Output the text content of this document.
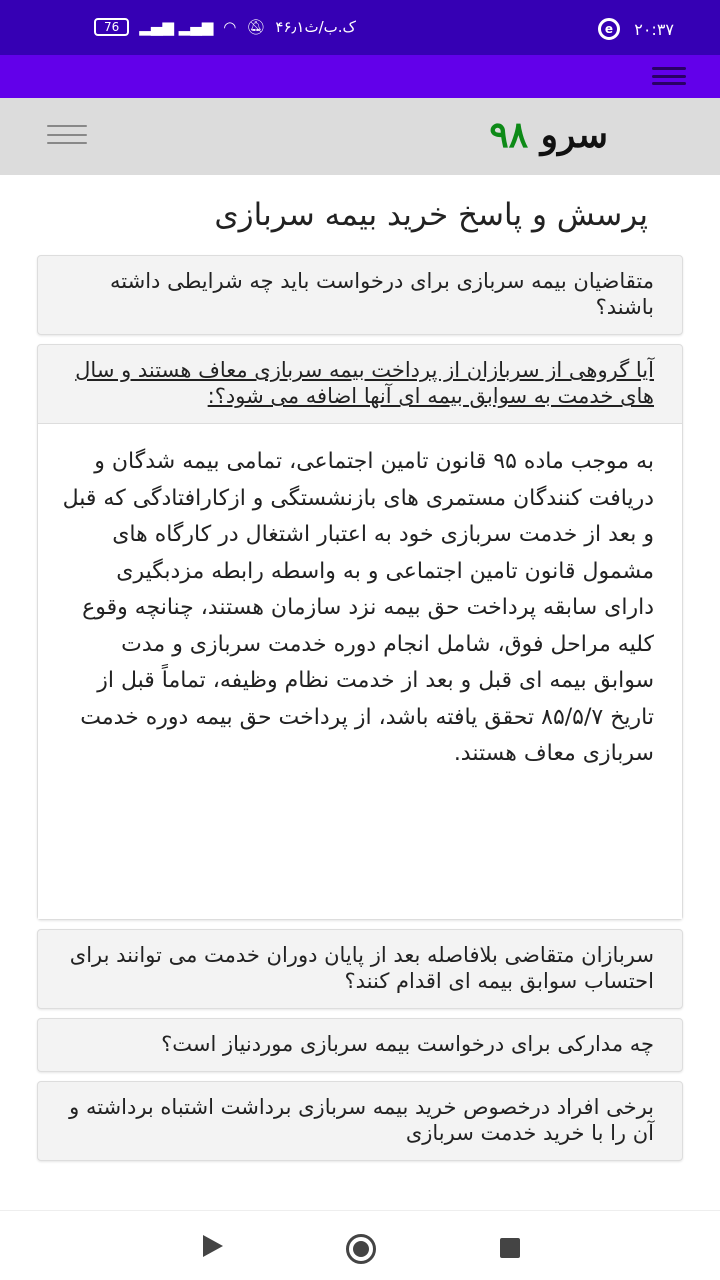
76	▂▄▆ ▂▄▆ ◠ 🔕︎ ۴۶٫۱ک.ب/ث	e	۲۰:۳۷
سرو ۹۸
پرسش و پاسخ خرید بیمه سربازی
متقاضیان بیمه سربازی برای درخواست باید چه شرایطی داشته باشند؟
آیا گروهی از سربازان از پرداخت بیمه سربازی معاف هستند و سال های خدمت به سوابق بیمه ای آنها اضافه می شود؟:
به موجب ماده ۹۵ قانون تامین اجتماعی، تمامی بیمه شدگان و دریافت کنندگان مستمری های بازنشستگی و ازکارافتادگی که قبل و بعد از خدمت سربازی خود به اعتبار اشتغال در کارگاه های مشمول قانون تامین اجتماعی و به واسطه رابطه مزدبگیری دارای سابقه پرداخت حق بیمه نزد سازمان هستند، چنانچه وقوع کلیه مراحل فوق، شامل انجام دوره خدمت سربازی و مدت سوابق بیمه ای قبل و بعد از خدمت نظام وظیفه، تماماً قبل از تاریخ ۸۵/۵/۷ تحقق یافته باشد، از پرداخت حق بیمه دوره خدمت سربازی معاف هستند.
سربازان متقاضی بلافاصله بعد از پایان دوران خدمت می توانند برای احتساب سوابق بیمه ای اقدام کنند؟
چه مدارکی برای درخواست بیمه سربازی موردنیاز است؟
برخی افراد درخصوص خرید بیمه سربازی برداشت اشتباه برداشته و آن را با خرید خدمت سربازی
